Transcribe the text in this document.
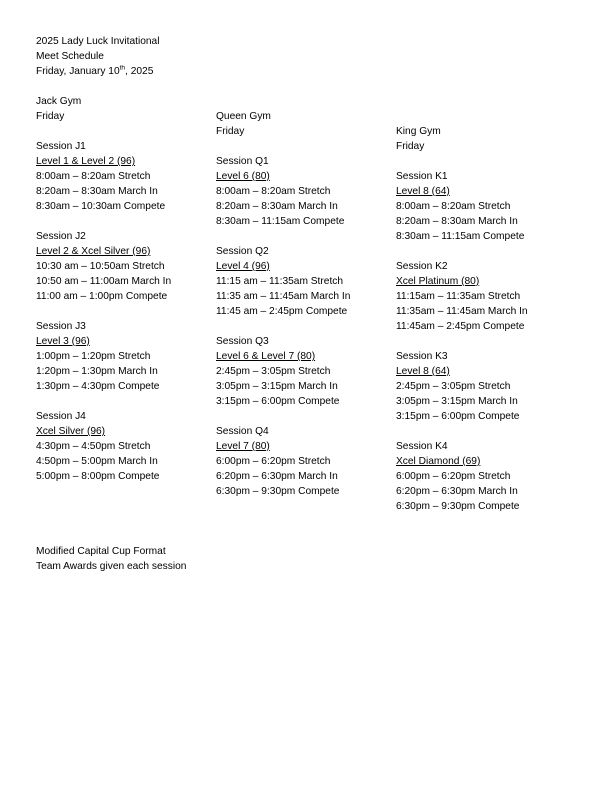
2025 Lady Luck Invitational
Meet Schedule
Friday, January 10th, 2025
Jack Gym
Friday
Session J1
Level 1 & Level 2 (96)
8:00am – 8:20am Stretch
8:20am – 8:30am March In
8:30am – 10:30am Compete
Session J2
Level 2 & Xcel Silver (96)
10:30 am – 10:50am Stretch
10:50 am – 11:00am March In
11:00 am – 1:00pm Compete
Session J3
Level 3 (96)
1:00pm – 1:20pm Stretch
1:20pm – 1:30pm March In
1:30pm – 4:30pm Compete
Session J4
Xcel Silver (96)
4:30pm – 4:50pm Stretch
4:50pm – 5:00pm March In
5:00pm – 8:00pm Compete
Queen Gym
Friday
Session Q1
Level 6 (80)
8:00am – 8:20am Stretch
8:20am – 8:30am March In
8:30am – 11:15am Compete
Session Q2
Level 4 (96)
11:15 am – 11:35am Stretch
11:35 am – 11:45am March In
11:45 am – 2:45pm Compete
Session Q3
Level 6 & Level 7 (80)
2:45pm – 3:05pm Stretch
3:05pm – 3:15pm March In
3:15pm – 6:00pm Compete
Session Q4
Level 7 (80)
6:00pm – 6:20pm Stretch
6:20pm – 6:30pm March In
6:30pm – 9:30pm Compete
King Gym
Friday
Session K1
Level 8 (64)
8:00am – 8:20am Stretch
8:20am – 8:30am March In
8:30am – 11:15am Compete
Session K2
Xcel Platinum (80)
11:15am – 11:35am Stretch
11:35am – 11:45am March In
11:45am – 2:45pm Compete
Session K3
Level 8 (64)
2:45pm – 3:05pm Stretch
3:05pm – 3:15pm March In
3:15pm – 6:00pm Compete
Session K4
Xcel Diamond (69)
6:00pm – 6:20pm Stretch
6:20pm – 6:30pm March In
6:30pm – 9:30pm Compete
Modified Capital Cup Format
Team Awards given each session
